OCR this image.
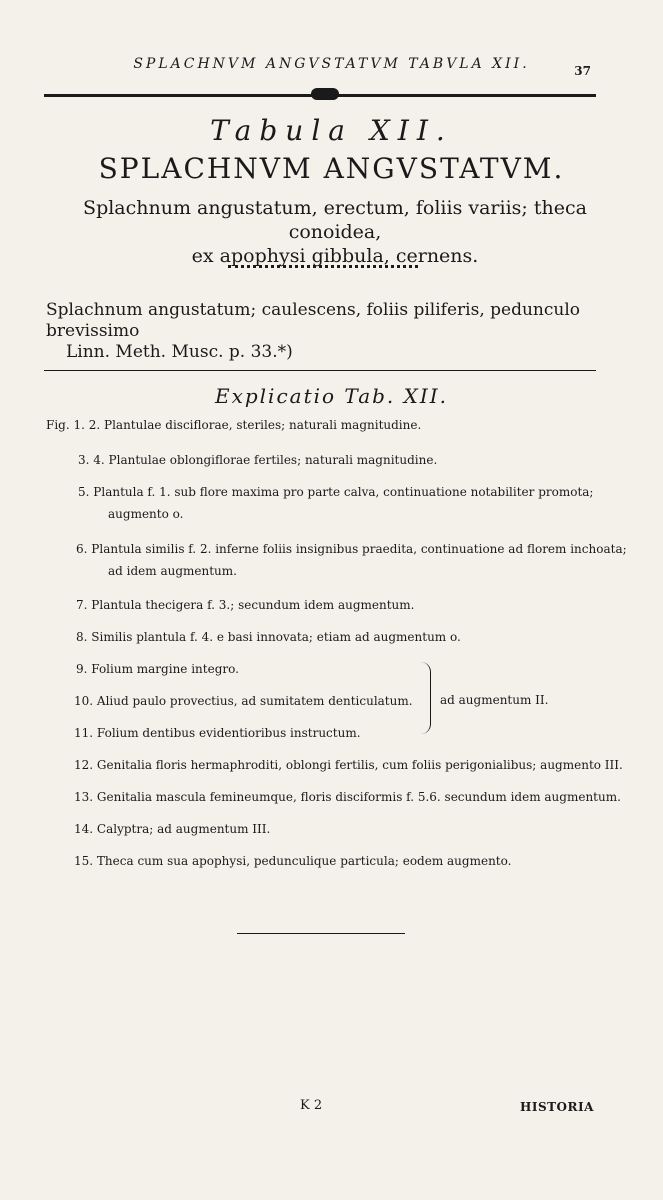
SPLACHNVM ANGVSTATVM TABVLA XII.	37
Tabula XII.
SPLACHNVM ANGVSTATVM.
Splachnum angustatum, erectum, foliis variis; theca conoidea,
ex apophysi gibbula, cernens.
Splachnum angustatum; caulescens, foliis piliferis, pedunculo brevissimo
Linn. Meth. Musc. p. 33.*)
Explicatio Tab. XII.
Fig. 1. 2. Plantulae disciflorae, steriles; naturali magnitudine.
3. 4. Plantulae oblongiflorae fertiles; naturali magnitudine.
5. Plantula f. 1. sub flore maxima pro parte calva, continuatione notabiliter promota;
augmento o.
6. Plantula similis f. 2. inferne foliis insignibus praedita, continuatione ad florem inchoata;
ad idem augmentum.
7. Plantula thecigera f. 3.; secundum idem augmentum.
8. Similis plantula f. 4. e basi innovata; etiam ad augmentum o.
9. Folium margine integro.
10. Aliud paulo provectius, ad sumitatem denticulatum.
11. Folium dentibus evidentioribus instructum.
ad augmentum II.
12. Genitalia floris hermaphroditi, oblongi fertilis, cum foliis perigonialibus; augmento III.
13. Genitalia mascula femineumque, floris disciformis f. 5.6. secundum idem augmentum.
14. Calyptra; ad augmentum III.
15. Theca cum sua apophysi, pedunculique particula; eodem augmento.
K 2	HISTORIA
